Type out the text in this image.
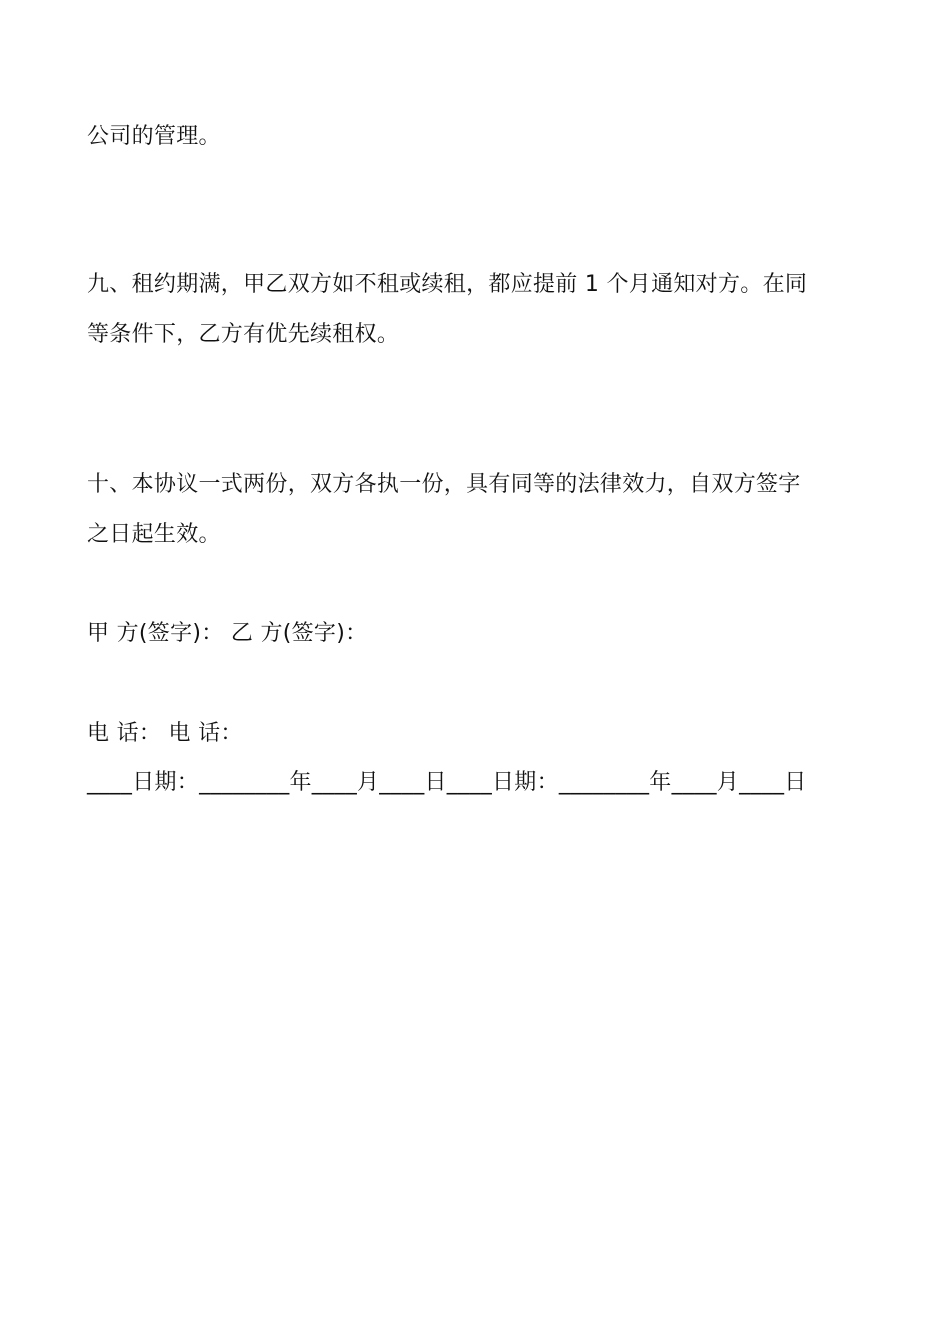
公司的管理。
九、租约期满，甲乙双方如不租或续租，都应提前 1 个月通知对方。在同
等条件下，乙方有优先续租权。
十、本协议一式两份，双方各执一份，具有同等的法律效力，自双方签字
之日起生效。
甲 方(签字)： 乙 方(签字)：
电 话： 电 话：
____日期：________年____月____日____日期：________年____月____日
